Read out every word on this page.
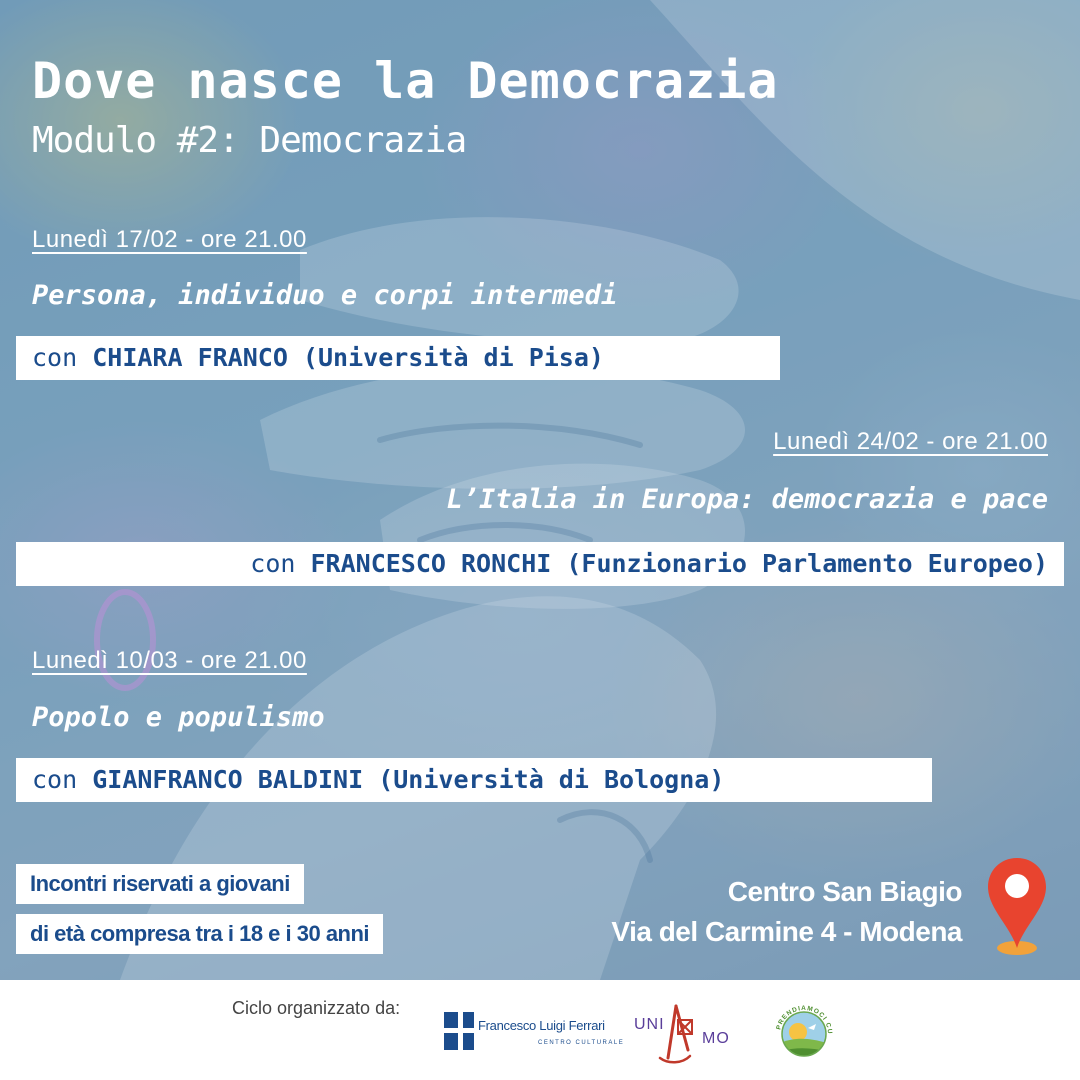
Dove nasce la Democrazia
Modulo #2: Democrazia
Lunedì 17/02 - ore 21.00
Persona, individuo e corpi intermedi
con CHIARA FRANCO (Università di Pisa)
Lunedì 24/02 - ore 21.00
L’Italia in Europa: democrazia e pace
con FRANCESCO RONCHI (Funzionario Parlamento Europeo)
Lunedì 10/03 - ore 21.00
Popolo e populismo
con GIANFRANCO BALDINI (Università di Bologna)
Incontri riservati a giovani
di età compresa tra i 18 e i 30 anni
Centro San Biagio
Via del Carmine 4 - Modena
Ciclo organizzato da:
Francesco Luigi Ferrari
CENTRO CULTURALE
UNI
MO
PRENDIAMOCI CU
